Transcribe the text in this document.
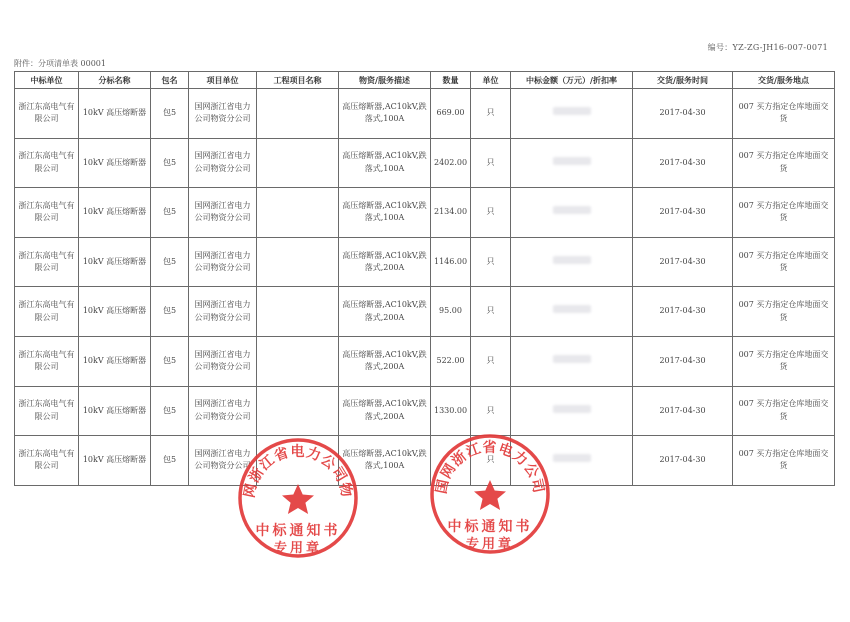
编号：YZ-ZG-JH16-007-0071
附件：分项清单表 00001
中标单位	分标名称	包名	项目单位	工程项目名称	物资/服务描述	数量	单位	中标金额（万元）/折扣率	交货/服务时间	交货/服务地点
浙江东高电气有限公司	10kV 高压熔断器	包5	国网浙江省电力公司物资分公司		高压熔断器,AC10kV,跌落式,100A	669.00	只		2017-04-30	007 买方指定仓库地面交货
浙江东高电气有限公司	10kV 高压熔断器	包5	国网浙江省电力公司物资分公司		高压熔断器,AC10kV,跌落式,100A	2402.00	只		2017-04-30	007 买方指定仓库地面交货
浙江东高电气有限公司	10kV 高压熔断器	包5	国网浙江省电力公司物资分公司		高压熔断器,AC10kV,跌落式,100A	2134.00	只		2017-04-30	007 买方指定仓库地面交货
浙江东高电气有限公司	10kV 高压熔断器	包5	国网浙江省电力公司物资分公司		高压熔断器,AC10kV,跌落式,200A	1146.00	只		2017-04-30	007 买方指定仓库地面交货
浙江东高电气有限公司	10kV 高压熔断器	包5	国网浙江省电力公司物资分公司		高压熔断器,AC10kV,跌落式,200A	95.00	只		2017-04-30	007 买方指定仓库地面交货
浙江东高电气有限公司	10kV 高压熔断器	包5	国网浙江省电力公司物资分公司		高压熔断器,AC10kV,跌落式,200A	522.00	只		2017-04-30	007 买方指定仓库地面交货
浙江东高电气有限公司	10kV 高压熔断器	包5	国网浙江省电力公司物资分公司		高压熔断器,AC10kV,跌落式,200A	1330.00	只		2017-04-30	007 买方指定仓库地面交货
浙江东高电气有限公司	10kV 高压熔断器	包5	国网浙江省电力公司物资分公司		高压熔断器,AC10kV,跌落式,100A		只		2017-04-30	007 买方指定仓库地面交货
网浙江省电力公司物
中标通知书
专用章
国网浙江省电力公司
中标通知书
专用章
